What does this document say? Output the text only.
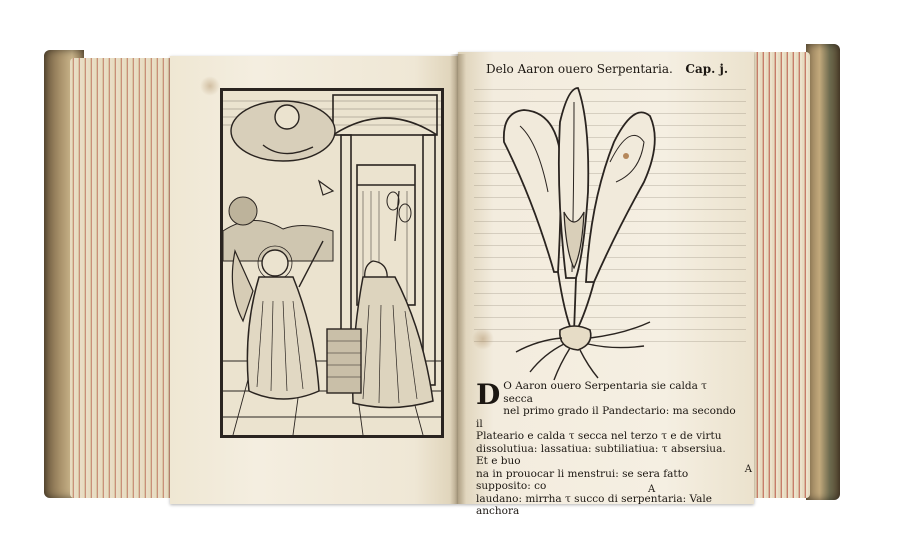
Delo Aaron ouero Serpentaria. Cap. j.
D O Aaron ouero Serpentaria sie calda τ secca
nel primo grado il Pandectario: ma secondo il
Plateario e calda τ secca nel terzo τ e de virtu
dissolutiua: lassatiua: subtiliatiua: τ absersiua. Et e buo
na in prouocar li menstrui: se sera fatto supposito: co
laudano: mirrha τ succo di serpentaria: Vale anchora
A
A
